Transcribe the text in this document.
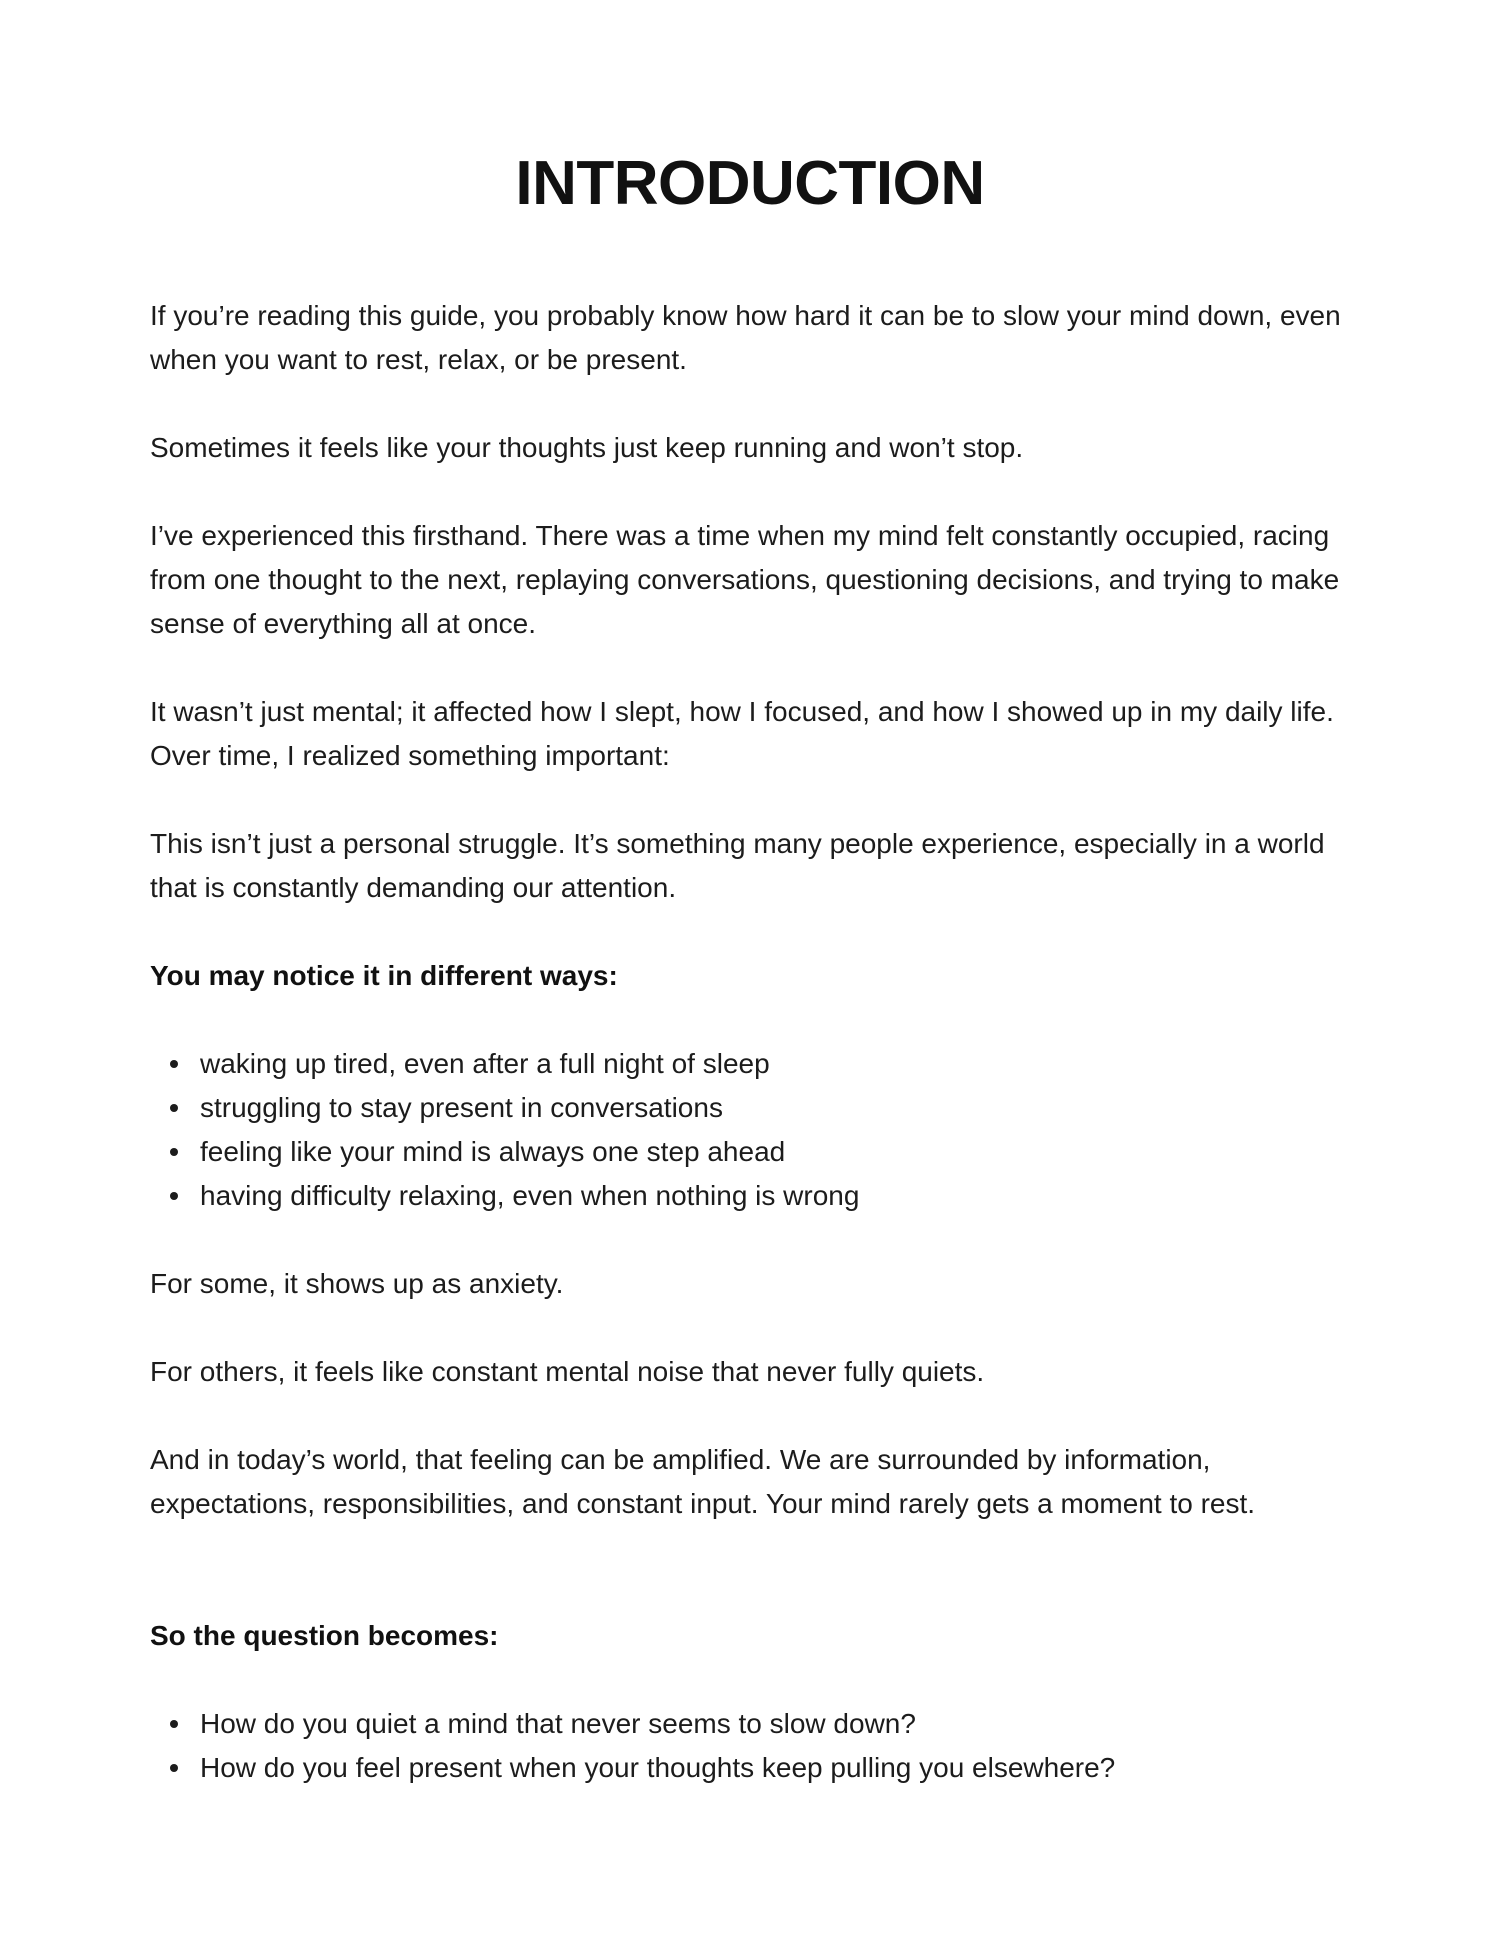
INTRODUCTION

If you’re reading this guide, you probably know how hard it can be to slow your mind down, even when you want to rest, relax, or be present.

Sometimes it feels like your thoughts just keep running and won’t stop.

I’ve experienced this firsthand. There was a time when my mind felt constantly occupied, racing from one thought to the next, replaying conversations, questioning decisions, and trying to make sense of everything all at once.

It wasn’t just mental; it affected how I slept, how I focused, and how I showed up in my daily life. Over time, I realized something important:

This isn’t just a personal struggle. It’s something many people experience, especially in a world that is constantly demanding our attention.

You may notice it in different ways:

waking up tired, even after a full night of sleep
struggling to stay present in conversations
feeling like your mind is always one step ahead
having difficulty relaxing, even when nothing is wrong

For some, it shows up as anxiety.

For others, it feels like constant mental noise that never fully quiets.

And in today’s world, that feeling can be amplified. We are surrounded by information, expectations, responsibilities, and constant input. Your mind rarely gets a moment to rest.

So the question becomes:

How do you quiet a mind that never seems to slow down?
How do you feel present when your thoughts keep pulling you elsewhere?
